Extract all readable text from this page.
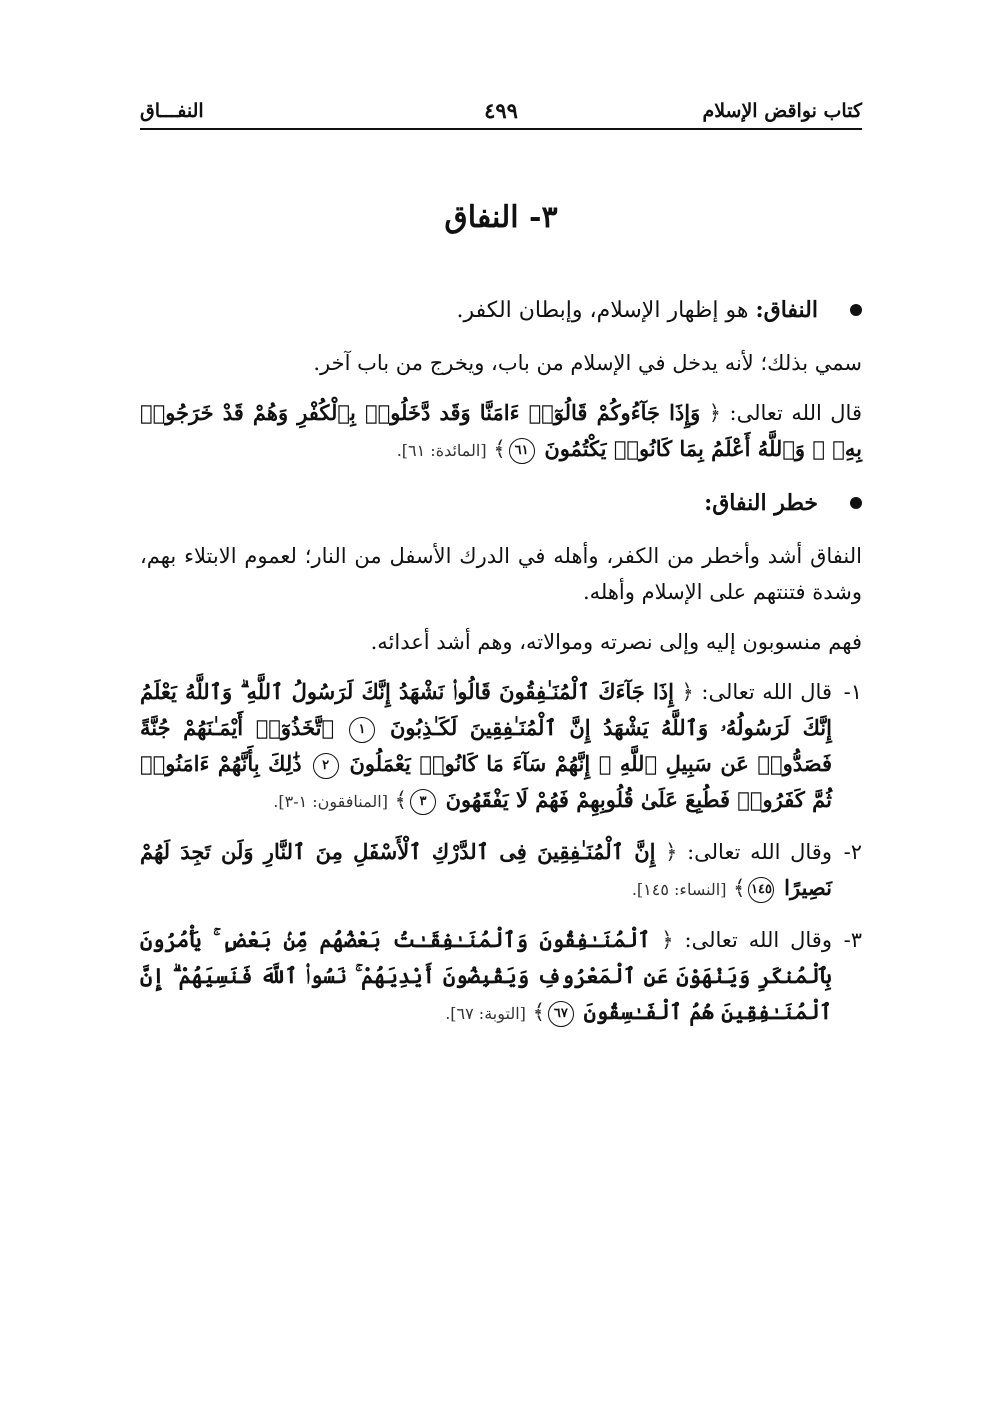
كتاب نواقض الإسلام
٤٩٩
النفـــاق
٣- النفاق
النفاق: هو إظهار الإسلام، وإبطان الكفر.
سمي بذلك؛ لأنه يدخل في الإسلام من باب، ويخرج من باب آخر.
قال الله تعالى: ﴿ وَإِذَا جَآءُوكُمْ قَالُوٓا۟ ءَامَنَّا وَقَد دَّخَلُوا۟ بِٱلْكُفْرِ وَهُمْ قَدْ خَرَجُوا۟ بِهِۦ ۚ وَٱللَّهُ أَعْلَمُ بِمَا كَانُوا۟ يَكْتُمُونَ ٦١﴾ [المائدة: ٦١].
خطر النفاق:
النفاق أشد وأخطر من الكفر، وأهله في الدرك الأسفل من النار؛ لعموم الابتلاء بهم، وشدة فتنتهم على الإسلام وأهله.
فهم منسوبون إليه وإلى نصرته وموالاته، وهم أشد أعدائه.
١-
قال الله تعالى: ﴿ إِذَا جَآءَكَ ٱلْمُنَـٰفِقُونَ قَالُوا۟ نَشْهَدُ إِنَّكَ لَرَسُولُ ٱللَّهِ ۗ وَٱللَّهُ يَعْلَمُ إِنَّكَ لَرَسُولُهُۥ وَٱللَّهُ يَشْهَدُ إِنَّ ٱلْمُنَـٰفِقِينَ لَكَـٰذِبُونَ ١ ٱتَّخَذُوٓا۟ أَيْمَـٰنَهُمْ جُنَّةً فَصَدُّوا۟ عَن سَبِيلِ ٱللَّهِ ۚ إِنَّهُمْ سَآءَ مَا كَانُوا۟ يَعْمَلُونَ ٢ ذَٰلِكَ بِأَنَّهُمْ ءَامَنُوا۟ ثُمَّ كَفَرُوا۟ فَطُبِعَ عَلَىٰ قُلُوبِهِمْ فَهُمْ لَا يَفْقَهُونَ ٣﴾ [المنافقون: ١-٣].
٢-
وقال الله تعالى: ﴿ إِنَّ ٱلْمُنَـٰفِقِينَ فِى ٱلدَّرْكِ ٱلْأَسْفَلِ مِنَ ٱلنَّارِ وَلَن تَجِدَ لَهُمْ نَصِيرًا ١٤٥﴾ [النساء: ١٤٥].
٣-
وقال الله تعالى: ﴿ ٱلْمُنَـٰفِقُونَ وَٱلْمُنَـٰفِقَـٰتُ بَعْضُهُم مِّنۢ بَعْضٍ ۚ يَأْمُرُونَ بِٱلْمُنكَرِ وَيَنْهَوْنَ عَنِ ٱلْمَعْرُوفِ وَيَقْبِضُونَ أَيْدِيَهُمْ ۚ نَسُوا۟ ٱللَّهَ فَنَسِيَهُمْ ۗ إِنَّ ٱلْمُنَـٰفِقِينَ هُمُ ٱلْفَـٰسِقُونَ ٦٧﴾ [التوبة: ٦٧].
